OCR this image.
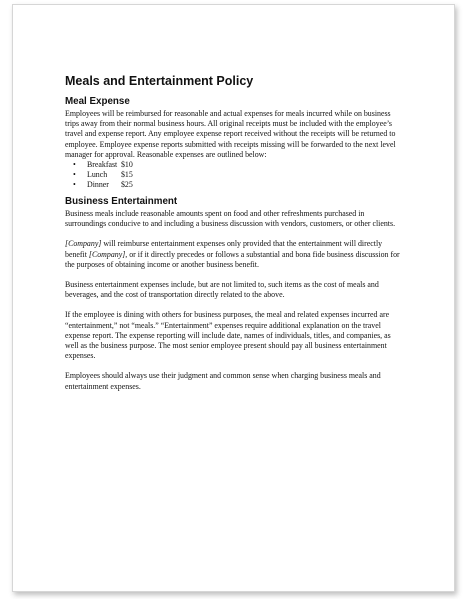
Meals and Entertainment Policy
Meal Expense

Employees will be reimbursed for reasonable and actual expenses for meals incurred while on business trips away from their normal business hours. All original receipts must be included with the employee’s travel and expense report. Any employee expense report received without the receipts will be returned to employee. Employee expense reports submitted with receipts missing will be forwarded to the next level manager for approval. Reasonable expenses are outlined below:

• Breakfast $10
• Lunch $15
• Dinner $25
Business Entertainment

Business meals include reasonable amounts spent on food and other refreshments purchased in surroundings conducive to and including a business discussion with vendors, customers, or other clients.

[Company] will reimburse entertainment expenses only provided that the entertainment will directly benefit [Company], or if it directly precedes or follows a substantial and bona fide business discussion for the purposes of obtaining income or another business benefit.

Business entertainment expenses include, but are not limited to, such items as the cost of meals and beverages, and the cost of transportation directly related to the above.

If the employee is dining with others for business purposes, the meal and related expenses incurred are “entertainment,” not “meals.” “Entertainment” expenses require additional explanation on the travel expense report. The expense reporting will include date, names of individuals, titles, and companies, as well as the business purpose. The most senior employee present should pay all business entertainment expenses.

Employees should always use their judgment and common sense when charging business meals and entertainment expenses.
